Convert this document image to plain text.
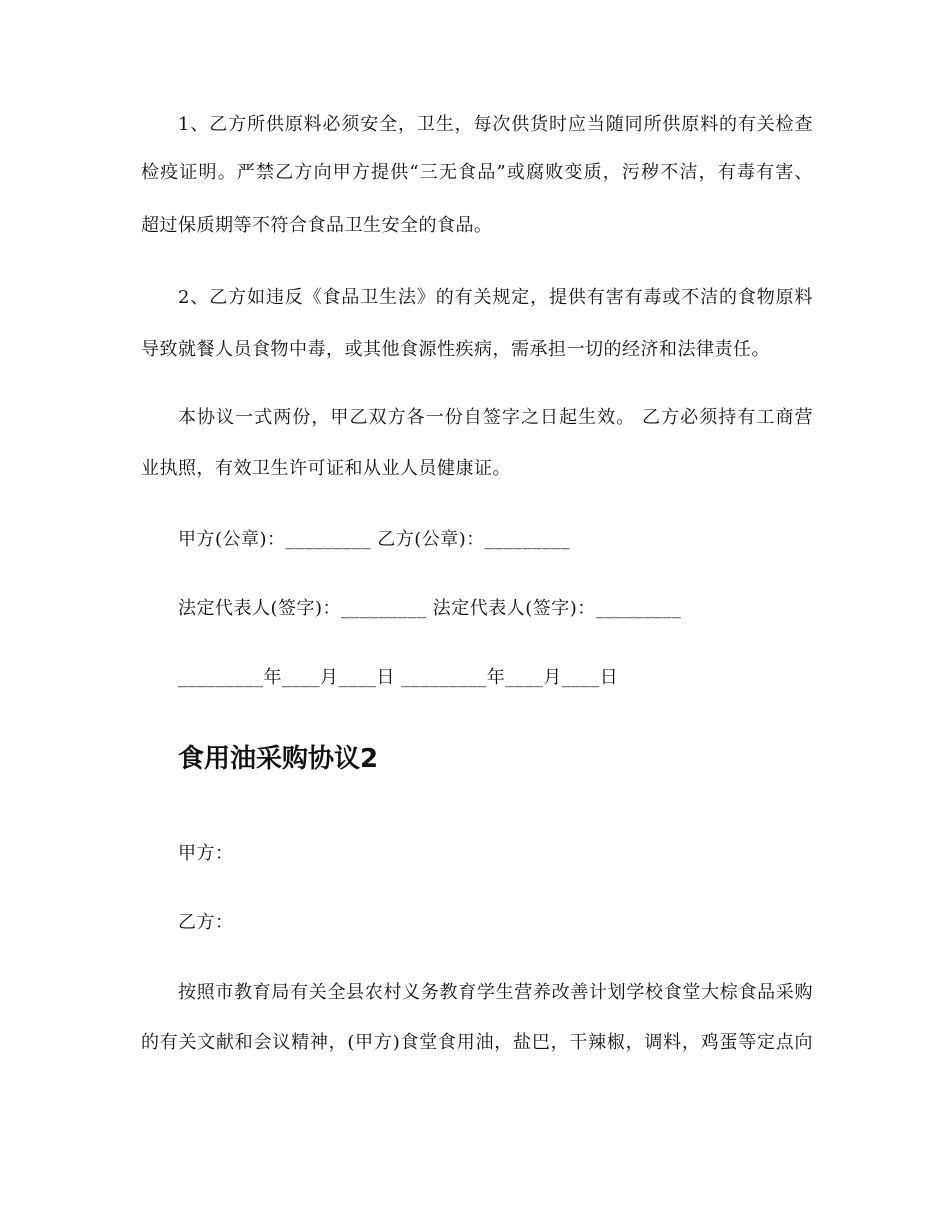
1、乙方所供原料必须安全，卫生，每次供货时应当随同所供原料的有关检查
检疫证明。严禁乙方向甲方提供“三无食品”或腐败变质，污秽不洁，有毒有害、
超过保质期等不符合食品卫生安全的食品。
2、乙方如违反《食品卫生法》的有关规定，提供有害有毒或不洁的食物原料
导致就餐人员食物中毒，或其他食源性疾病，需承担一切的经济和法律责任。
本协议一式两份，甲乙双方各一份自签字之日起生效。 乙方必须持有工商营
业执照，有效卫生许可证和从业人员健康证。
甲方(公章)：_________ 乙方(公章)：_________
法定代表人(签字)：_________ 法定代表人(签字)：_________
_________年____月____日 _________年____月____日
食用油采购协议2
甲方：
乙方：
按照市教育局有关全县农村义务教育学生营养改善计划学校食堂大棕食品采购
的有关文献和会议精神，(甲方)食堂食用油，盐巴，干辣椒，调料，鸡蛋等定点向
